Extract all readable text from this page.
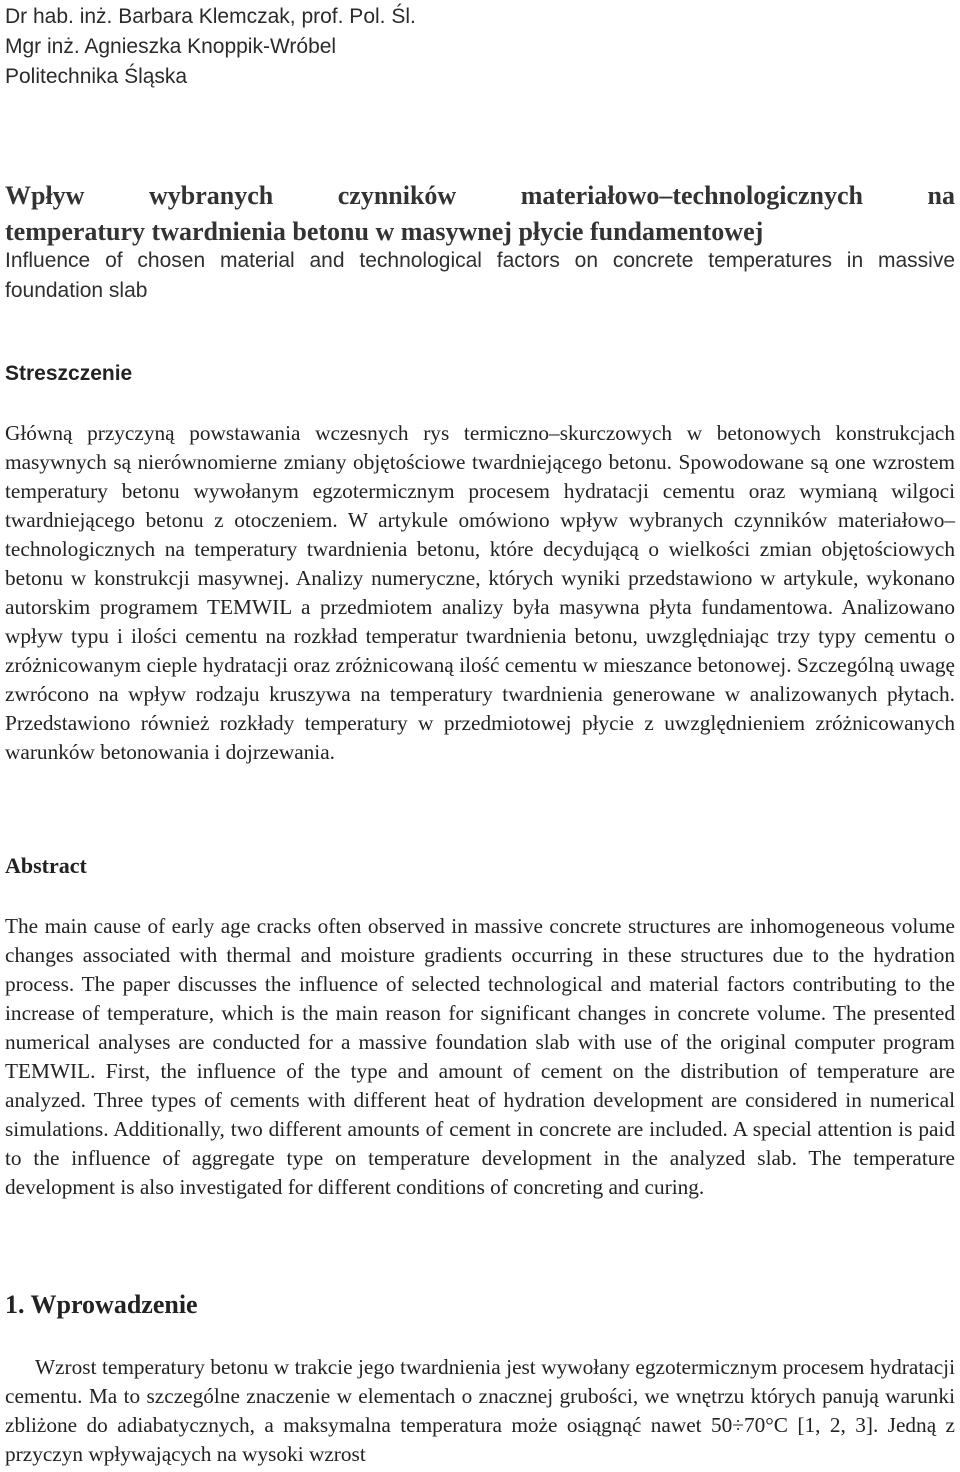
Dr hab. inż. Barbara Klemczak, prof. Pol. Śl.
Mgr inż. Agnieszka Knoppik-Wróbel
Politechnika Śląska
Wpływ wybranych czynników materiałowo–technologicznych na
temperatury twardnienia betonu w masywnej płycie fundamentowej
Influence of chosen material and technological factors on concrete temperatures in massive
foundation slab
Streszczenie
Główną przyczyną powstawania wczesnych rys termiczno–skurczowych w betonowych konstrukcjach masywnych są nierównomierne zmiany objętościowe twardniejącego betonu. Spowodowane są one wzrostem temperatury betonu wywołanym egzotermicznym procesem hydratacji cementu oraz wymianą wilgoci twardniejącego betonu z otoczeniem. W artykule omówiono wpływ wybranych czynników materiałowo–technologicznych na temperatury twardnienia betonu, które decydującą o wielkości zmian objętościowych betonu w konstrukcji masywnej. Analizy numeryczne, których wyniki przedstawiono w artykule, wykonano autorskim programem TEMWIL a przedmiotem analizy była masywna płyta fundamentowa. Analizowano wpływ typu i ilości cementu na rozkład temperatur twardnienia betonu, uwzględniając trzy typy cementu o zróżnicowanym cieple hydratacji oraz zróżnicowaną ilość cementu w mieszance betonowej. Szczególną uwagę zwrócono na wpływ rodzaju kruszywa na temperatury twardnienia generowane w analizowanych płytach. Przedstawiono również rozkłady temperatury w przedmiotowej płycie z uwzględnieniem zróżnicowanych warunków betonowania i dojrzewania.
Abstract
The main cause of early age cracks often observed in massive concrete structures are inhomogeneous volume changes associated with thermal and moisture gradients occurring in these structures due to the hydration process. The paper discusses the influence of selected technological and material factors contributing to the increase of temperature, which is the main reason for significant changes in concrete volume. The presented numerical analyses are conducted for a massive foundation slab with use of the original computer program TEMWIL. First, the influence of the type and amount of cement on the distribution of temperature are analyzed. Three types of cements with different heat of hydration development are considered in numerical simulations. Additionally, two different amounts of cement in concrete are included. A special attention is paid to the influence of aggregate type on temperature development in the analyzed slab. The temperature development is also investigated for different conditions of concreting and curing.
1. Wprowadzenie
Wzrost temperatury betonu w trakcie jego twardnienia jest wywołany egzotermicznym procesem hydratacji cementu. Ma to szczególne znaczenie w elementach o znacznej grubości, we wnętrzu których panują warunki zbliżone do adiabatycznych, a maksymalna temperatura może osiągnąć nawet 50÷70°C [1, 2, 3]. Jedną z przyczyn wpływających na wysoki wzrost
